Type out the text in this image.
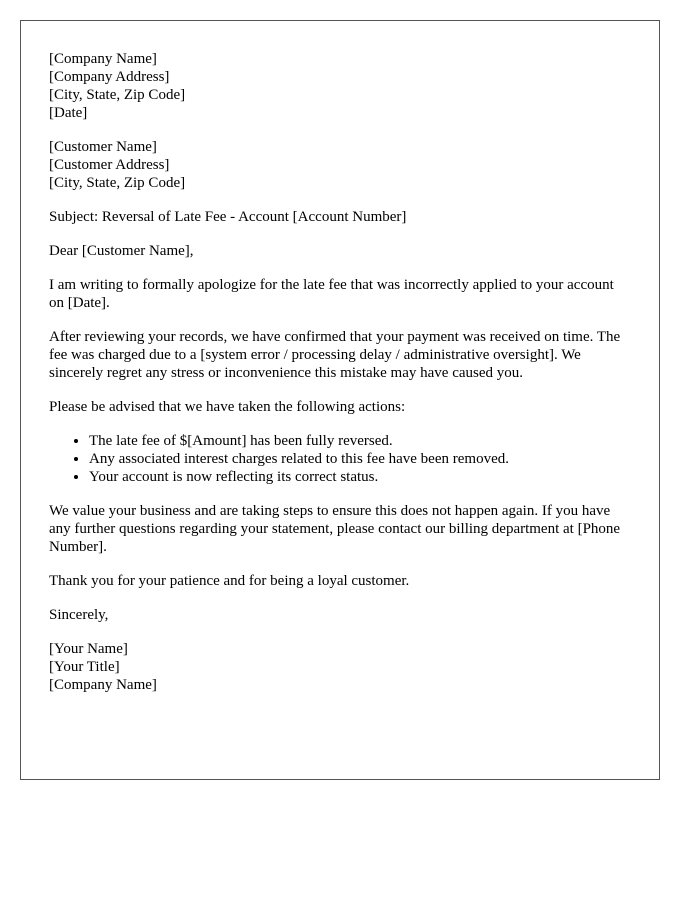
[Company Name]
[Company Address]
[City, State, Zip Code]
[Date]
[Customer Name]
[Customer Address]
[City, State, Zip Code]

Subject: Reversal of Late Fee - Account [Account Number]

Dear [Customer Name],

I am writing to formally apologize for the late fee that was incorrectly applied to your account on [Date].

After reviewing your records, we have confirmed that your payment was received on time. The fee was charged due to a [system error / processing delay / administrative oversight]. We sincerely regret any stress or inconvenience this mistake may have caused you.

Please be advised that we have taken the following actions:

• The late fee of $[Amount] has been fully reversed.
• Any associated interest charges related to this fee have been removed.
• Your account is now reflecting its correct status.

We value your business and are taking steps to ensure this does not happen again. If you have any further questions regarding your statement, please contact our billing department at [Phone Number].

Thank you for your patience and for being a loyal customer.

Sincerely,

[Your Name]
[Your Title]
[Company Name]
